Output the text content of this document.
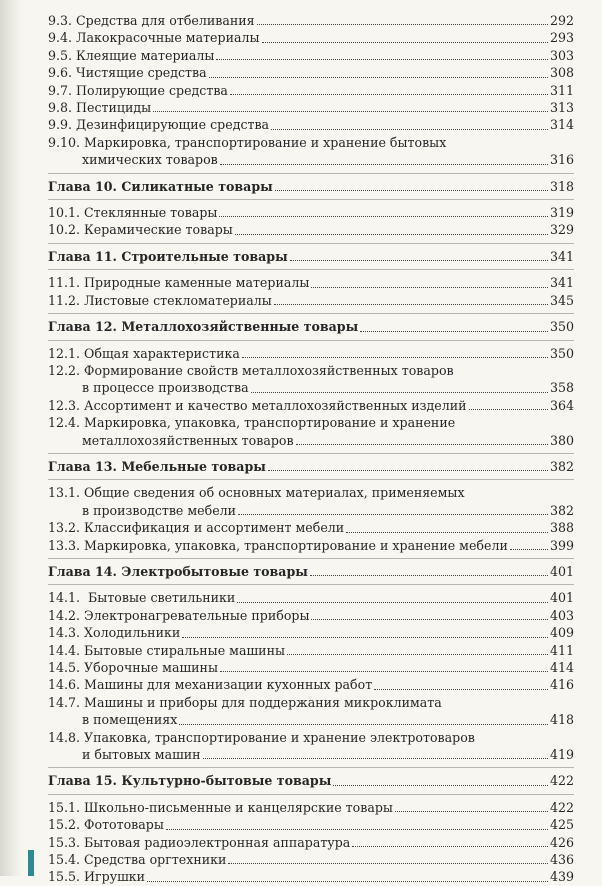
9.3. Средства для отбеливания	292
9.4. Лакокрасочные материалы	293
9.5. Клеящие материалы	303
9.6. Чистящие средства	308
9.7. Полирующие средства	311
9.8. Пестициды	313
9.9. Дезинфицирующие средства	314
9.10. Маркировка, транспортирование и хранение бытовых
химических товаров	316
Глава 10. Силикатные товары	318
10.1. Стеклянные товары	319
10.2. Керамические товары	329
Глава 11. Строительные товары	341
11.1. Природные каменные материалы	341
11.2. Листовые стекломатериалы	345
Глава 12. Металлохозяйственные товары	350
12.1. Общая характеристика	350
12.2. Формирование свойств металлохозяйственных товаров
в процессе производства	358
12.3. Ассортимент и качество металлохозяйственных изделий	364
12.4. Маркировка, упаковка, транспортирование и хранение
металлохозяйственных товаров	380
Глава 13. Мебельные товары	382
13.1. Общие сведения об основных материалах, применяемых
в производстве мебели	382
13.2. Классификация и ассортимент мебели	388
13.3. Маркировка, упаковка, транспортирование и хранение мебели	399
Глава 14. Электробытовые товары	401
14.1.  Бытовые светильники	401
14.2. Электронагревательные приборы	403
14.3. Холодильники	409
14.4. Бытовые стиральные машины	411
14.5. Уборочные машины	414
14.6. Машины для механизации кухонных работ	416
14.7. Машины и приборы для поддержания микроклимата
в помещениях	418
14.8. Упаковка, транспортирование и хранение электротоваров
и бытовых машин	419
Глава 15. Культурно-бытовые товары	422
15.1. Школьно-письменные и канцелярские товары	422
15.2. Фототовары	425
15.3. Бытовая радиоэлектронная аппаратура	426
15.4. Средства оргтехники	436
15.5. Игрушки	439
